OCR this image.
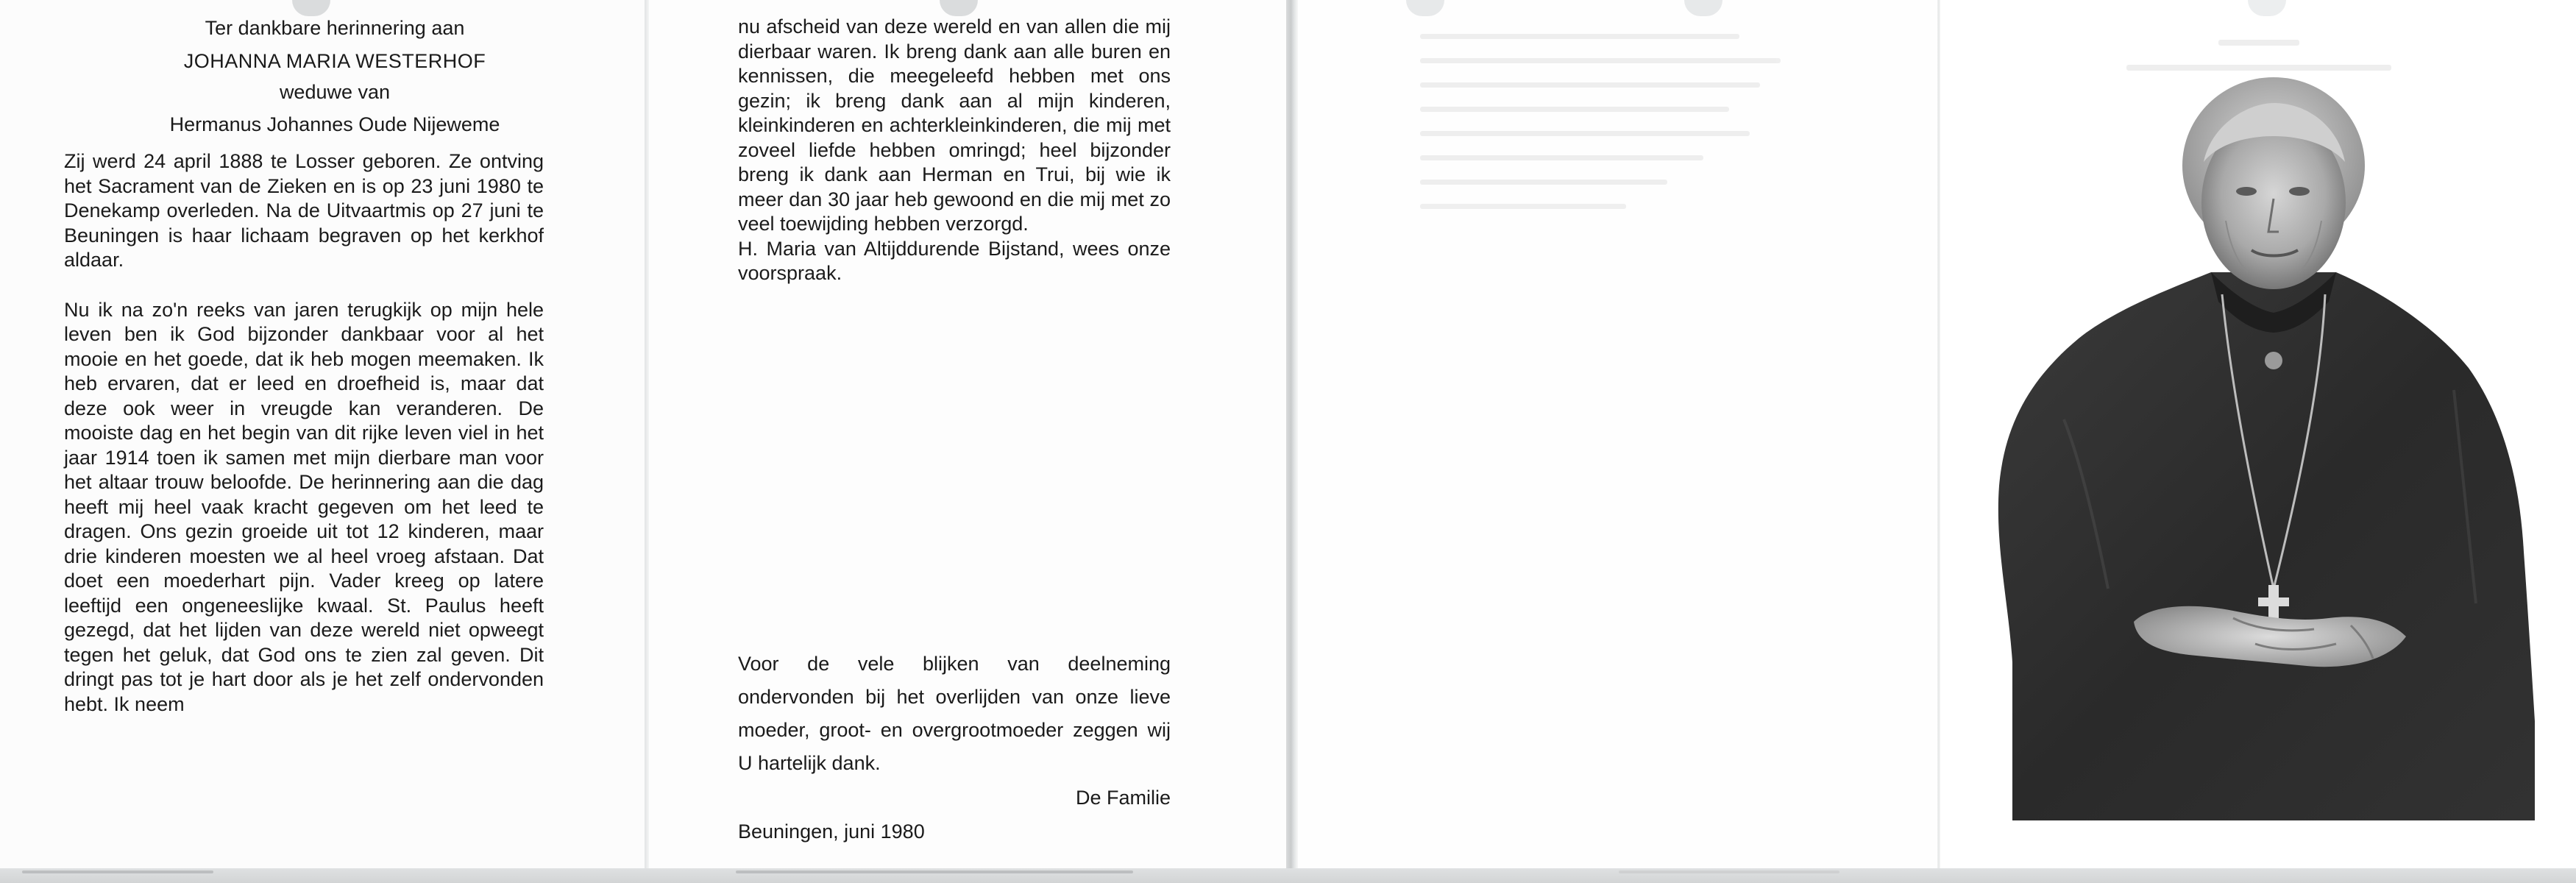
Ter dankbare herinnering aan
JOHANNA MARIA WESTERHOF
weduwe van
Hermanus Johannes Oude Nijeweme

Zij werd 24 april 1888 te Losser geboren. Ze ontving het Sacrament van de Zieken en is op 23 juni 1980 te Denekamp overleden. Na de Uitvaartmis op 27 juni te Beuningen is haar lichaam begraven op het kerkhof aldaar.

Nu ik na zo'n reeks van jaren terugkijk op mijn hele leven ben ik God bijzonder dankbaar voor al het mooie en het goede, dat ik heb mogen meemaken. Ik heb ervaren, dat er leed en droefheid is, maar dat deze ook weer in vreugde kan veranderen. De mooiste dag en het begin van dit rijke leven viel in het jaar 1914 toen ik samen met mijn dierbare man voor het altaar trouw beloofde. De herinnering aan die dag heeft mij heel vaak kracht gegeven om het leed te dragen. Ons gezin groeide uit tot 12 kinderen, maar drie kinderen moesten we al heel vroeg afstaan. Dat doet een moederhart pijn. Vader kreeg op latere leeftijd een ongeneeslijke kwaal. St. Paulus heeft gezegd, dat het lijden van deze wereld niet opweegt tegen het geluk, dat God ons te zien zal geven. Dit dringt pas tot je hart door als je het zelf ondervonden hebt. Ik neem

nu afscheid van deze wereld en van allen die mij dierbaar waren. Ik breng dank aan alle buren en kennissen, die meegeleefd hebben met ons gezin; ik breng dank aan al mijn kinderen, kleinkinderen en achterkleinkinderen, die mij met zoveel liefde hebben omringd; heel bijzonder breng ik dank aan Herman en Trui, bij wie ik meer dan 30 jaar heb gewoond en die mij met zo veel toewijding hebben verzorgd.

H. Maria van Altijddurende Bijstand, wees onze voorspraak.

Voor de vele blijken van deelneming ondervonden bij het overlijden van onze lieve moeder, groot- en overgrootmoeder zeggen wij U hartelijk dank.

De Familie
Beuningen, juni 1980
